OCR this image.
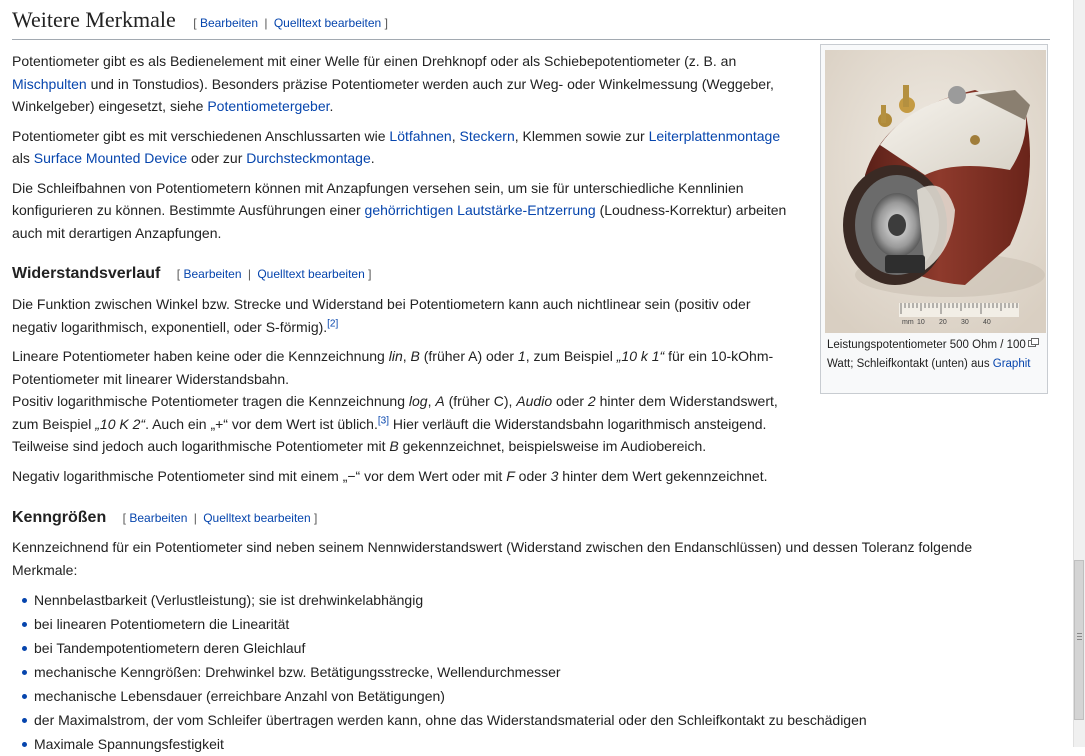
Weitere Merkmale [ Bearbeiten | Quelltext bearbeiten ]

Potentiometer gibt es als Bedienelement mit einer Welle für einen Drehknopf oder als Schiebepotentiometer (z. B. an Mischpulten und in Tonstudios). Besonders präzise Potentiometer werden auch zur Weg- oder Winkelmessung (Weggeber, Winkelgeber) eingesetzt, siehe Potentiometergeber.

Potentiometer gibt es mit verschiedenen Anschlussarten wie Lötfahnen, Steckern, Klemmen sowie zur Leiterplattenmontage als Surface Mounted Device oder zur Durchsteckmontage.

Die Schleifbahnen von Potentiometern können mit Anzapfungen versehen sein, um sie für unterschiedliche Kennlinien konfigurieren zu können. Bestimmte Ausführungen einer gehörrichtigen Lautstärke-Entzerrung (Loudness-Korrektur) arbeiten auch mit derartigen Anzapfungen.

Widerstandsverlauf [ Bearbeiten | Quelltext bearbeiten ]

Die Funktion zwischen Winkel bzw. Strecke und Widerstand bei Potentiometern kann auch nichtlinear sein (positiv oder negativ logarithmisch, exponentiell, oder S-förmig).[2]

Lineare Potentiometer haben keine oder die Kennzeichnung lin, B (früher A) oder 1, zum Beispiel „10 k 1“ für ein 10-kOhm-Potentiometer mit linearer Widerstandsbahn.
Positiv logarithmische Potentiometer tragen die Kennzeichnung log, A (früher C), Audio oder 2 hinter dem Widerstandswert, zum Beispiel „10 K 2“. Auch ein „+“ vor dem Wert ist üblich.[3] Hier verläuft die Widerstandsbahn logarithmisch ansteigend. Teilweise sind jedoch auch logarithmische Potentiometer mit B gekennzeichnet, beispielsweise im Audiobereich.

Negativ logarithmische Potentiometer sind mit einem „−“ vor dem Wert oder mit F oder 3 hinter dem Wert gekennzeichnet.

Kenngrößen [ Bearbeiten | Quelltext bearbeiten ]

Kennzeichnend für ein Potentiometer sind neben seinem Nennwiderstandswert (Widerstand zwischen den Endanschlüssen) und dessen Toleranz folgende Merkmale:

Nennbelastbarkeit (Verlustleistung); sie ist drehwinkelabhängig
bei linearen Potentiometern die Linearität
bei Tandempotentiometern deren Gleichlauf
mechanische Kenngrößen: Drehwinkel bzw. Betätigungsstrecke, Wellendurchmesser
mechanische Lebensdauer (erreichbare Anzahl von Betätigungen)
der Maximalstrom, der vom Schleifer übertragen werden kann, ohne das Widerstandsmaterial oder den Schleifkontakt zu beschädigen
Maximale Spannungsfestigkeit
mm 10 20 30 40
Leistungspotentiometer 500 Ohm / 100 Watt; Schleifkontakt (unten) aus Graphit
